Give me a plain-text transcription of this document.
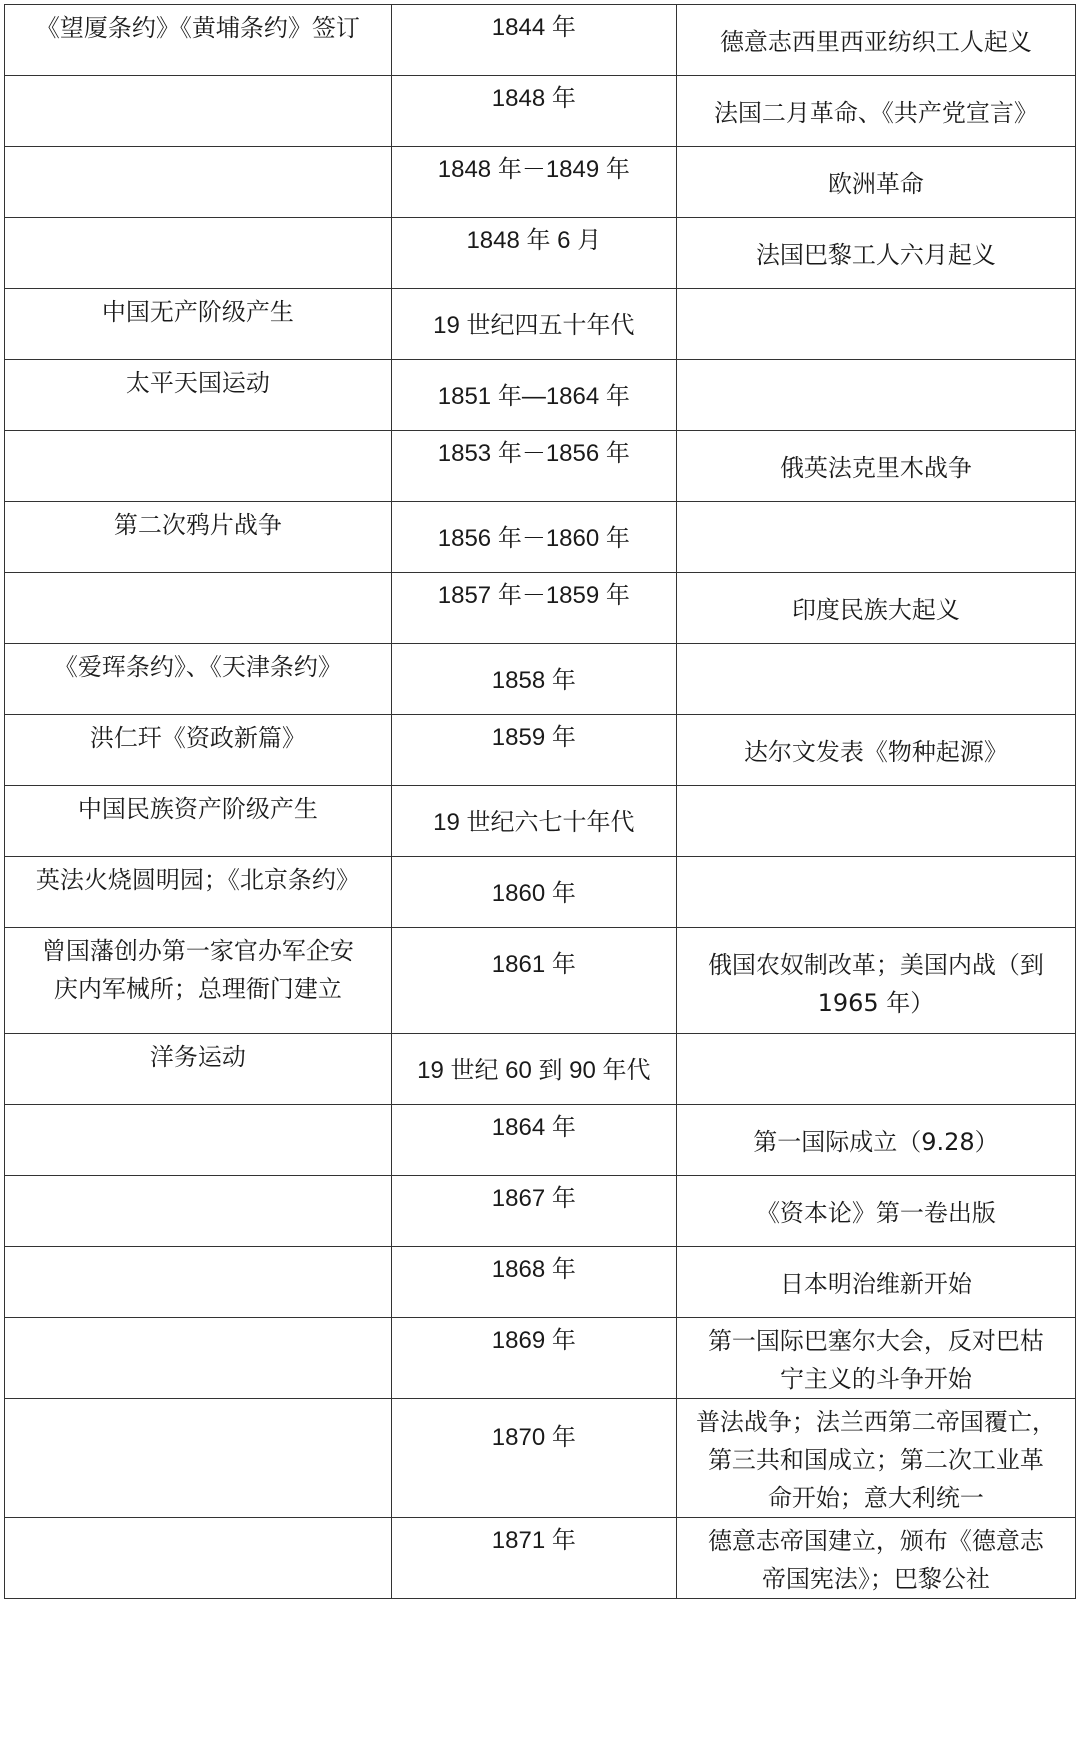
《望厦条约》《黄埔条约》签订	1844 年	德意志西里西亚纺织工人起义

	1848 年	法国二月革命、《共产党宣言》

	1848 年－1849 年	欧洲革命

	1848 年 6 月	法国巴黎工人六月起义

中国无产阶级产生	19 世纪四五十年代	

太平天国运动	1851 年—1864 年	

	1853 年－1856 年	俄英法克里木战争

第二次鸦片战争	1856 年－1860 年	

	1857 年－1859 年	印度民族大起义

《爱珲条约》、《天津条约》	1858 年	

洪仁玕《资政新篇》	1859 年	达尔文发表《物种起源》

中国民族资产阶级产生	19 世纪六七十年代	

英法火烧圆明园；《北京条约》	1860 年	

曾国藩创办第一家官办军企安
庆内军械所；总理衙门建立	1861 年	俄国农奴制改革；美国内战（到
1965 年）

洋务运动	19 世纪 60 到 90 年代	

	1864 年	第一国际成立（9.28）

	1867 年	《资本论》第一卷出版

	1868 年	日本明治维新开始

	1869 年	第一国际巴塞尔大会，反对巴枯
宁主义的斗争开始

	1870 年	普法战争；法兰西第二帝国覆亡，
第三共和国成立；第二次工业革
命开始；意大利统一

	1871 年	德意志帝国建立，颁布《德意志
帝国宪法》；巴黎公社
